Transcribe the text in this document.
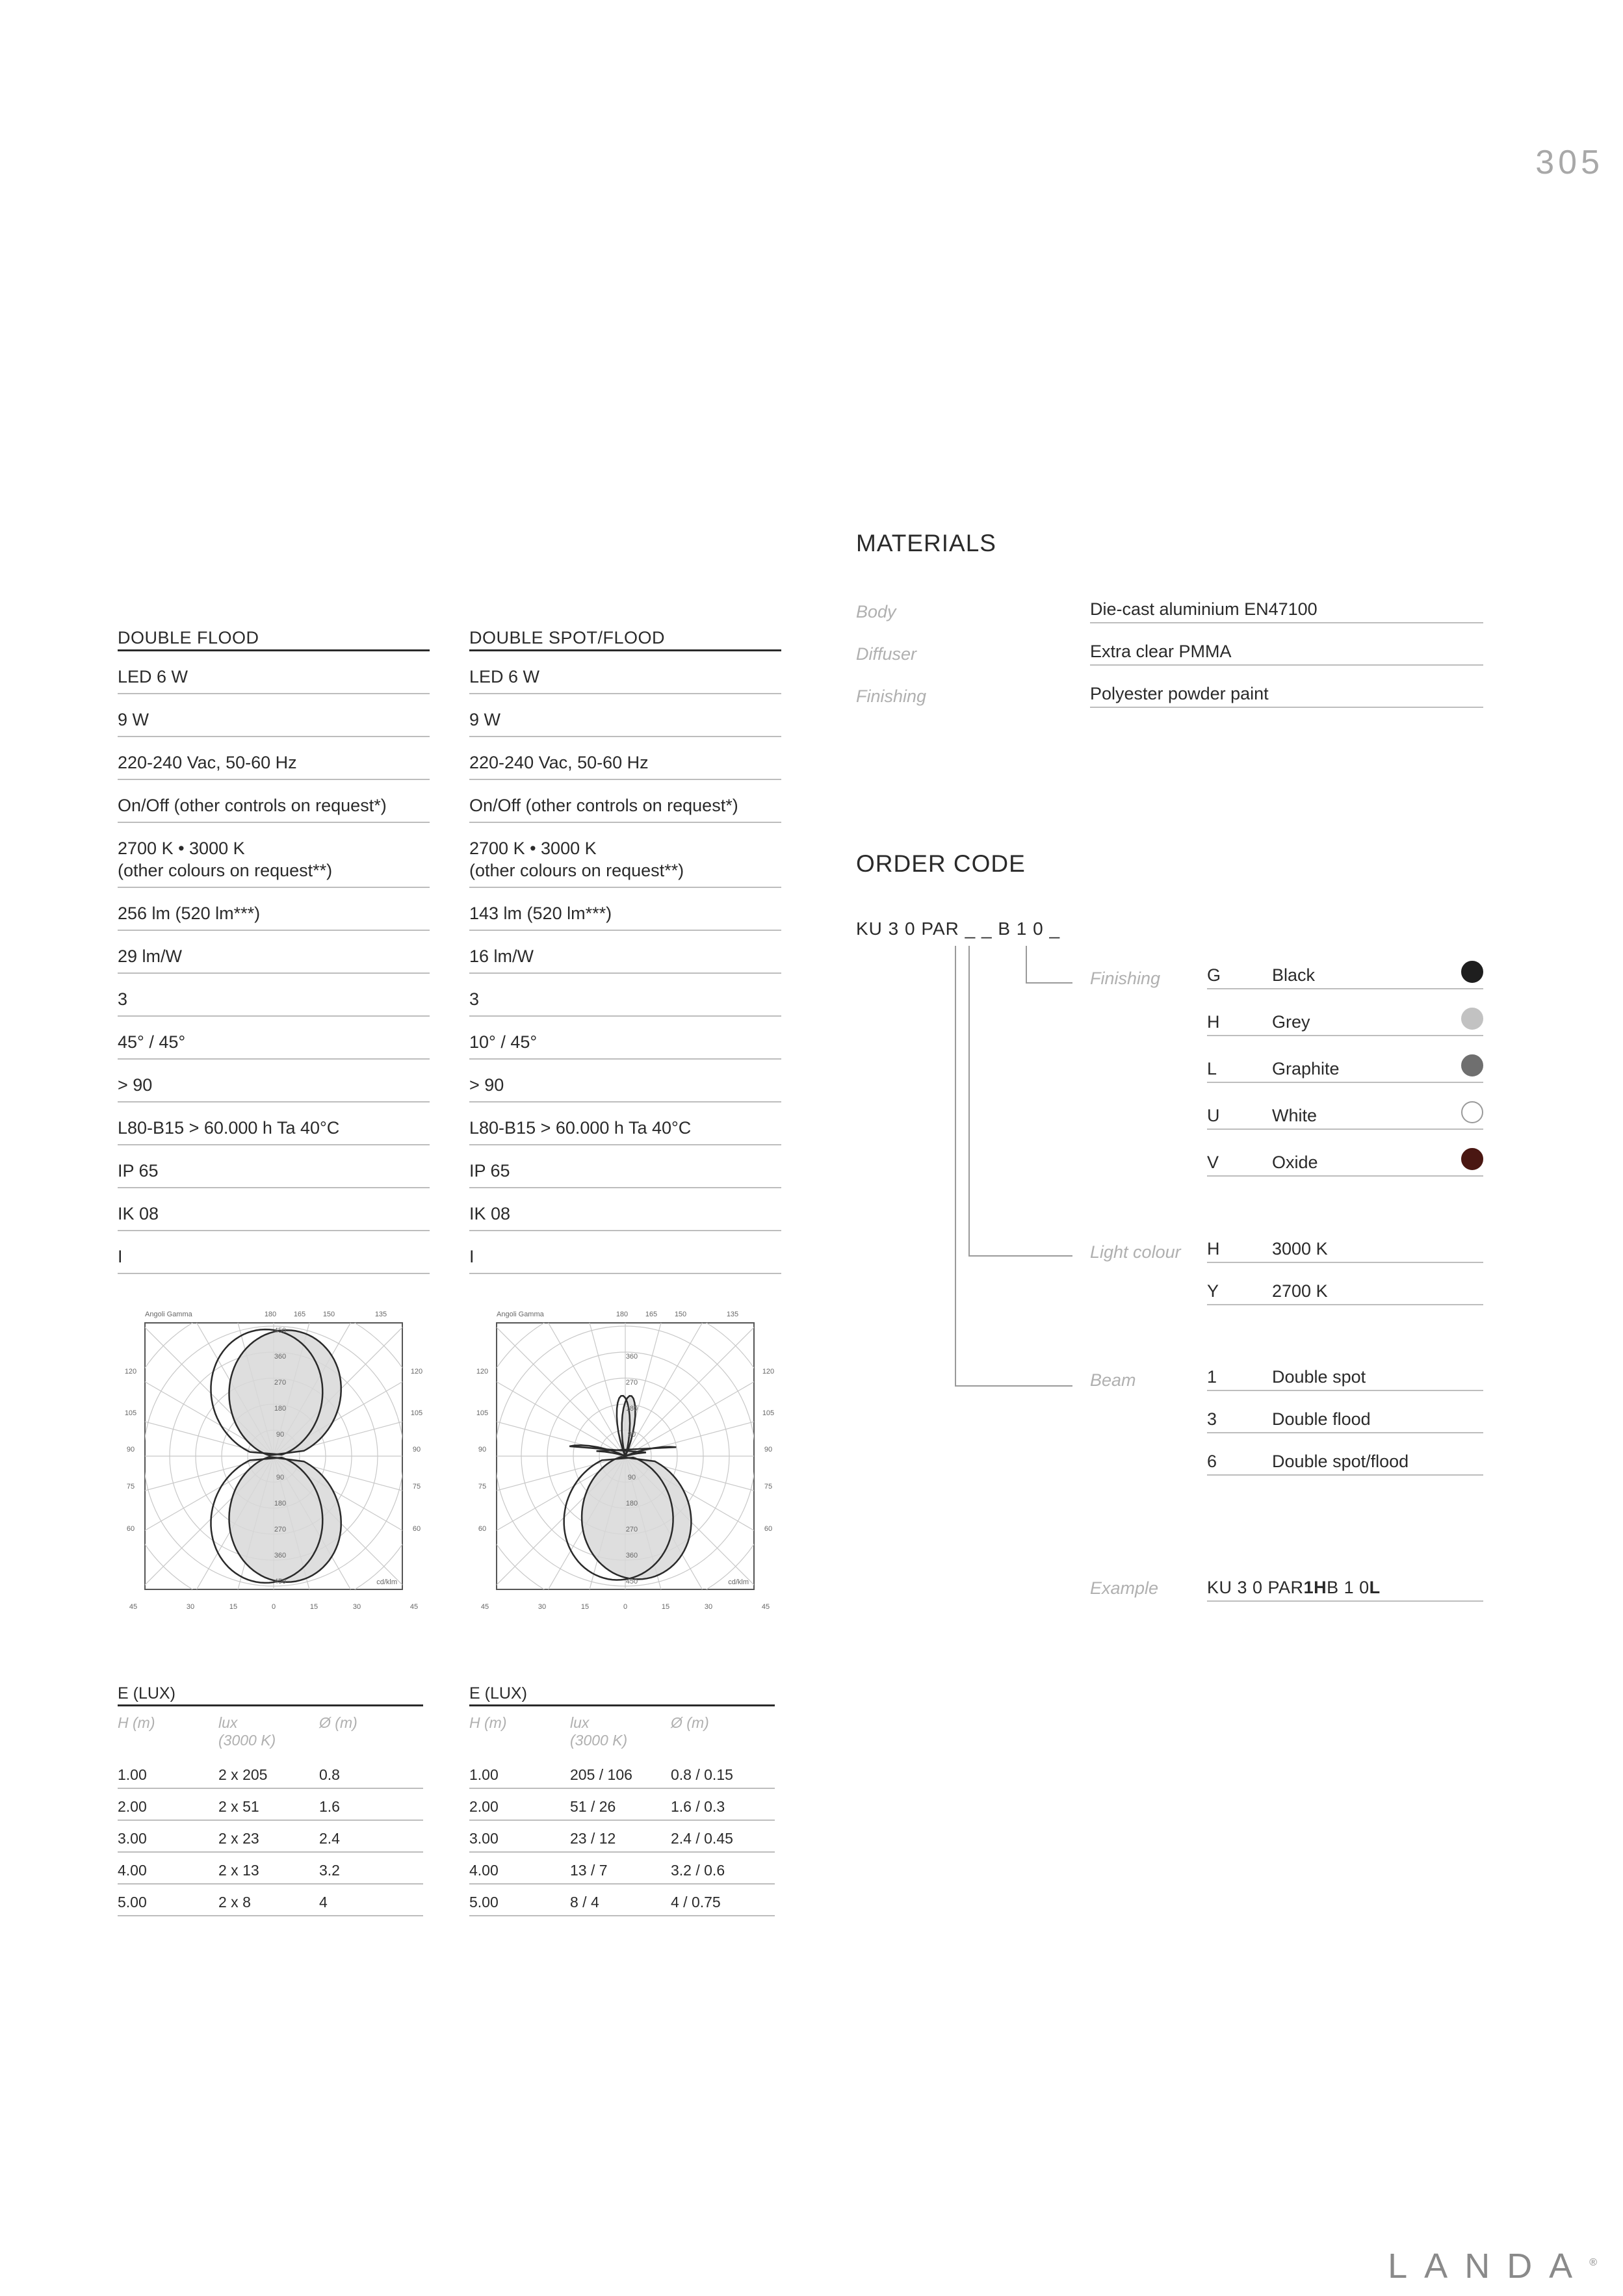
305
DOUBLE FLOOD
LED 6 W
9 W
220-240 Vac, 50-60 Hz
On/Off (other controls on request*)
2700 K • 3000 K
(other colours on request**)
256 lm (520 lm***)
29 lm/W
3
45° / 45°
> 90
L80-B15 > 60.000 h Ta 40°C
IP 65
IK 08
I
DOUBLE SPOT/FLOOD
LED 6 W
9 W
220-240 Vac, 50-60 Hz
On/Off (other controls on request*)
2700 K • 3000 K
(other colours on request**)
143 lm (520 lm***)
16 lm/W
3
10° / 45°
> 90
L80-B15 > 60.000 h Ta 40°C
IP 65
IK 08
I
Angoli Gamma	180 165 150	135
120	120
105	105
90	90
75	75
60	60
45	30	15	0	15	30	45
450
360
270
180
90
90
180
270
360
450	cd/klm
Angoli Gamma	180 165 150	135
120	120
105	105
90	90
75	75
60	60
45	30	15	0	15	30	45
360
270
180
90
90
180
270
360
450	cd/klm
E (LUX)
H (m)	lux
(3000 K)
Ø (m)
1.00	2 x 205	0.8
2.00	2 x 51	1.6
3.00	2 x 23	2.4
4.00	2 x 13	3.2
5.00	2 x 8	4
E (LUX)
H (m)	lux
(3000 K)
Ø (m)
1.00	205 / 106	0.8 / 0.15
2.00	51 / 26	1.6 / 0.3
3.00	23 / 12	2.4 / 0.45
4.00	13 / 7	3.2 / 0.6
5.00	8 / 4	4 / 0.75
MATERIALS
Body	Die-cast aluminium EN47100
Diffuser	Extra clear PMMA
Finishing	Polyester powder paint
ORDER CODE
KU 3 0 PAR _ _ B 1 0 _
Finishing
Light colour
Beam
G	Black
H	Grey
L	Graphite
U	White
V	Oxide
H	3000 K
Y	2700 K
1	Double spot
3	Double flood
6	Double spot/flood
Example	KU 3 0 PAR 1 H B 1 0 L
LANDA®
